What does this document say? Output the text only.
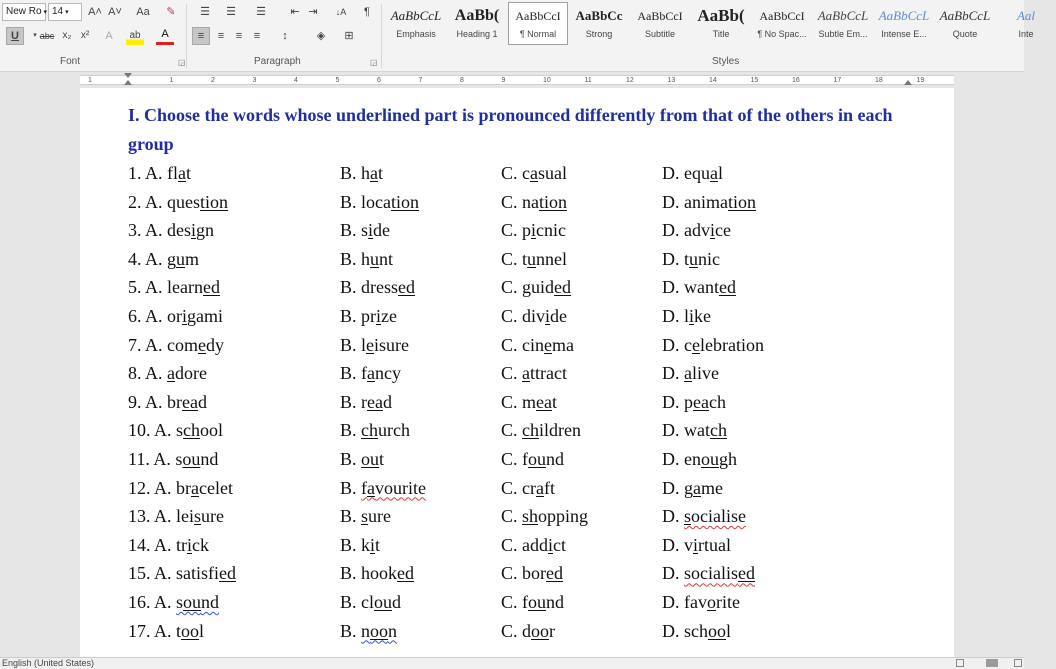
New Ro ▾ 14 ▾	A˄ A˅	Aa	✎
U	▾ abc x₂ x²	A	ab	A
Font	◲
☰	☰	☰	⇤ ⇥	↓A	¶
≡	≡	≡	≡	↕	◈	⊞
Paragraph	◲
AaBbCcL
Emphasis
AaBb(
Heading 1
AaBbCcI
¶ Normal
AaBbCc
Strong
AaBbCcI
Subtitle
AaBb(
Title
AaBbCcI
¶ No Spac...
AaBbCcL
Subtle Em...
AaBbCcL
Intense E...
AaBbCcL
Quote
Aal
Inte
Styles
1	1	2	3	4	5	6	7	8	9	10	11	12	13	14	15	16	17	18	19
I. Choose the words whose underlined part is pronounced differently from that of the others in each group
1. A. flat	B. hat	C. casual	D. equal
2. A. question	B. location	C. nation	D. animation
3. A. design	B. side	C. picnic	D. advice
4. A. gum	B. hunt	C. tunnel	D. tunic
5. A. learned	B. dressed	C. guided	D. wanted
6. A. origami	B. prize	C. divide	D. like
7. A. comedy	B. leisure	C. cinema	D. celebration
8. A. adore	B. fancy	C. attract	D. alive
9. A. bread	B. read	C. meat	D. peach
10. A. school	B. church	C. children	D. watch
11. A. sound	B. out	C. found	D. enough
12. A. bracelet	B. favourite	C. craft	D. game
13. A. leisure	B. sure	C. shopping	D. socialise
14. A. trick	B. kit	C. addict	D. virtual
15. A. satisfied	B. hooked	C. bored	D. socialised
16. A. sound	B. cloud	C. found	D. favorite
17. A. tool	B. noon	C. door	D. school
English (United States)
